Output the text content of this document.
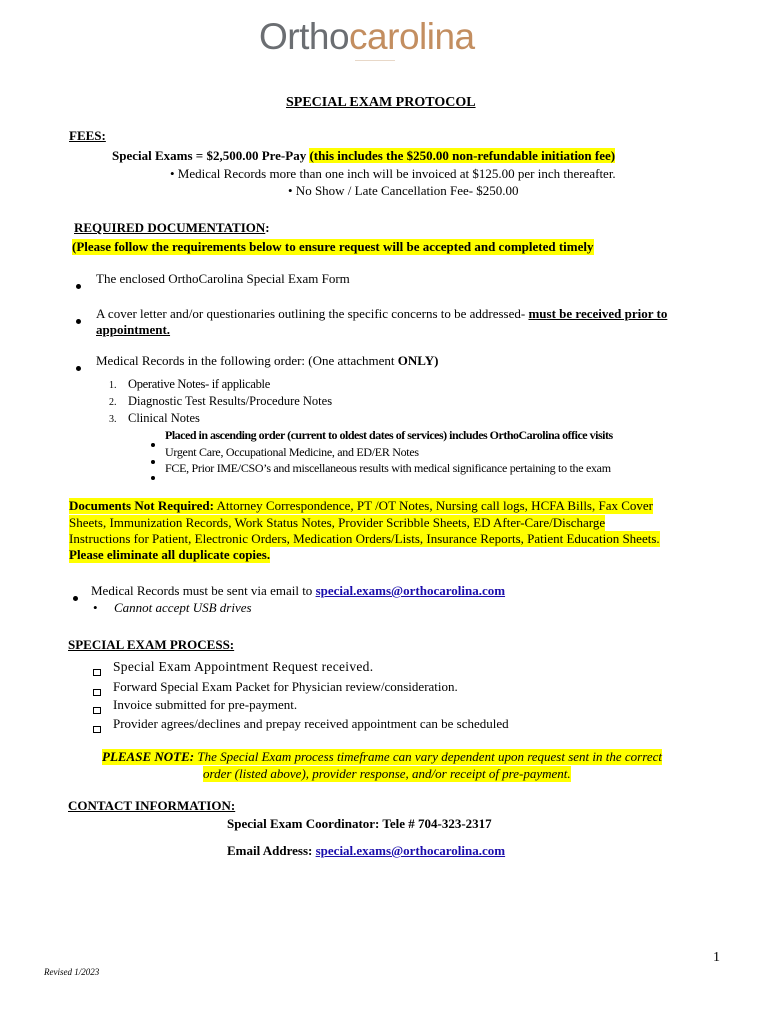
Orthocarolina
SPECIAL EXAM PROTOCOL
FEES:
Special Exams = $2,500.00 Pre-Pay (this includes the $250.00 non-refundable initiation fee)
• Medical Records more than one inch will be invoiced at $125.00 per inch thereafter.
• No Show / Late Cancellation Fee- $250.00
REQUIRED DOCUMENTATION:
(Please follow the requirements below to ensure request will be accepted and completed timely
The enclosed OrthoCarolina Special Exam Form
A cover letter and/or questionaries outlining the specific concerns to be addressed- must be received prior to
appointment.
Medical Records in the following order: (One attachment ONLY)
1. Operative Notes- if applicable
2. Diagnostic Test Results/Procedure Notes
3. Clinical Notes
Placed in ascending order (current to oldest dates of services) includes OrthoCarolina office visits
Urgent Care, Occupational Medicine, and ED/ER Notes
FCE, Prior IME/CSO’s and miscellaneous results with medical significance pertaining to the exam
Documents Not Required: Attorney Correspondence, PT /OT Notes, Nursing call logs, HCFA Bills, Fax Cover
Sheets, Immunization Records, Work Status Notes, Provider Scribble Sheets, ED After-Care/Discharge
Instructions for Patient, Electronic Orders, Medication Orders/Lists, Insurance Reports, Patient Education Sheets.
Please eliminate all duplicate copies.
Medical Records must be sent via email to special.exams@orthocarolina.com
• Cannot accept USB drives
SPECIAL EXAM PROCESS:
Special Exam Appointment Request received.
Forward Special Exam Packet for Physician review/consideration.
Invoice submitted for pre-payment.
Provider agrees/declines and prepay received appointment can be scheduled
PLEASE NOTE: The Special Exam process timeframe can vary dependent upon request sent in the correct
order (listed above), provider response, and/or receipt of pre-payment.
CONTACT INFORMATION:
Special Exam Coordinator: Tele # 704-323-2317
Email Address: special.exams@orthocarolina.com
1
Revised 1/2023
